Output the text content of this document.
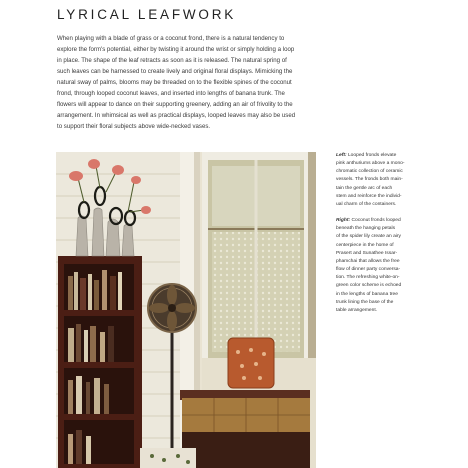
LYRICAL LEAFWORK
When playing with a blade of grass or a coconut frond, there is a natural tendency to
explore the form's potential, either by twisting it around the wrist or simply holding a loop
in place. The shape of the leaf retracts as soon as it is released. The natural spring of
such leaves can be harnessed to create lively and original floral displays. Mimicking the
natural sway of palms, blooms may be threaded on to the flexible spines of the coconut
frond, through looped coconut leaves, and inserted into lengths of banana trunk. The
flowers will appear to dance on their supporting greenery, adding an air of frivolity to the
arrangement. In whimsical as well as practical displays, looped leaves may also be used
to support their floral subjects above wide-necked vases.
Left: Looped fronds elevate
pink anthuriums above a mono-
chromatic collection of ceramic
vessels. The fronds both main-
tain the gentle arc of each
stem and reinforce the individ-
ual charm of the containers.
Right: Coconut fronds looped
beneath the hanging petals
of the spider lily create an airy
centerpiece in the home of
Prasert and Sunathee Issar-
phamchai that allows the free
flow of dinner party conversa-
tion. The refreshing white-on-
green color scheme is echoed
in the lengths of banana tree
trunk lining the base of the
table arrangement.
